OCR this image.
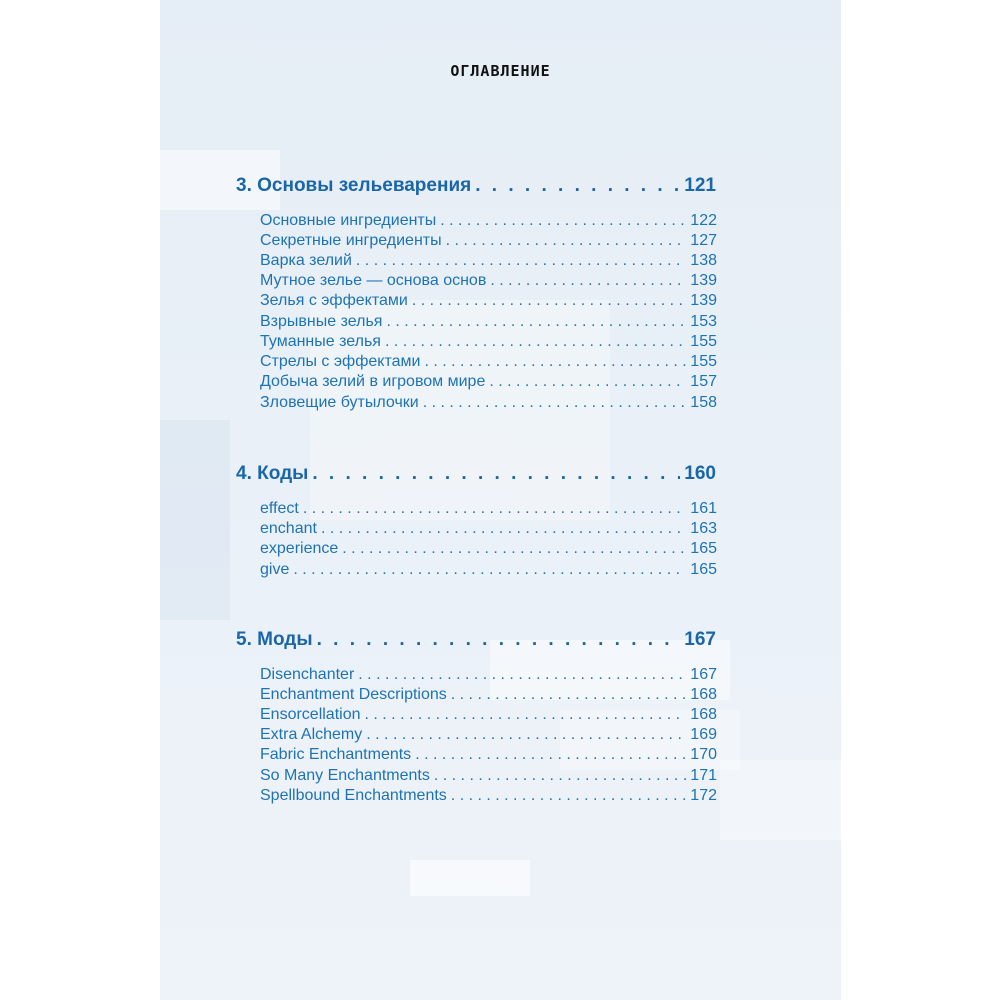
ОГЛАВЛЕНИЕ
3. Основы зельеварения . . .	121
Основные ингредиенты . . .	122
Секретные ингредиенты . . .	127
Варка зелий . . .	138
Мутное зелье — основа основ . . .	139
Зелья с эффектами . . .	139
Взрывные зелья . . .	153
Туманные зелья . . .	155
Стрелы с эффектами . . .	155
Добыча зелий в игровом мире . . .	157
Зловещие бутылочки . . .	158
4. Коды . . .	160
effect . . .	161
enchant . . .	163
experience . . .	165
give . . .	165
5. Моды . . .	167
Disenchanter . . .	167
Enchantment Descriptions . . .	168
Ensorcellation . . .	168
Extra Alchemy . . .	169
Fabric Enchantments . . .	170
So Many Enchantments . . .	171
Spellbound Enchantments . . .	172
